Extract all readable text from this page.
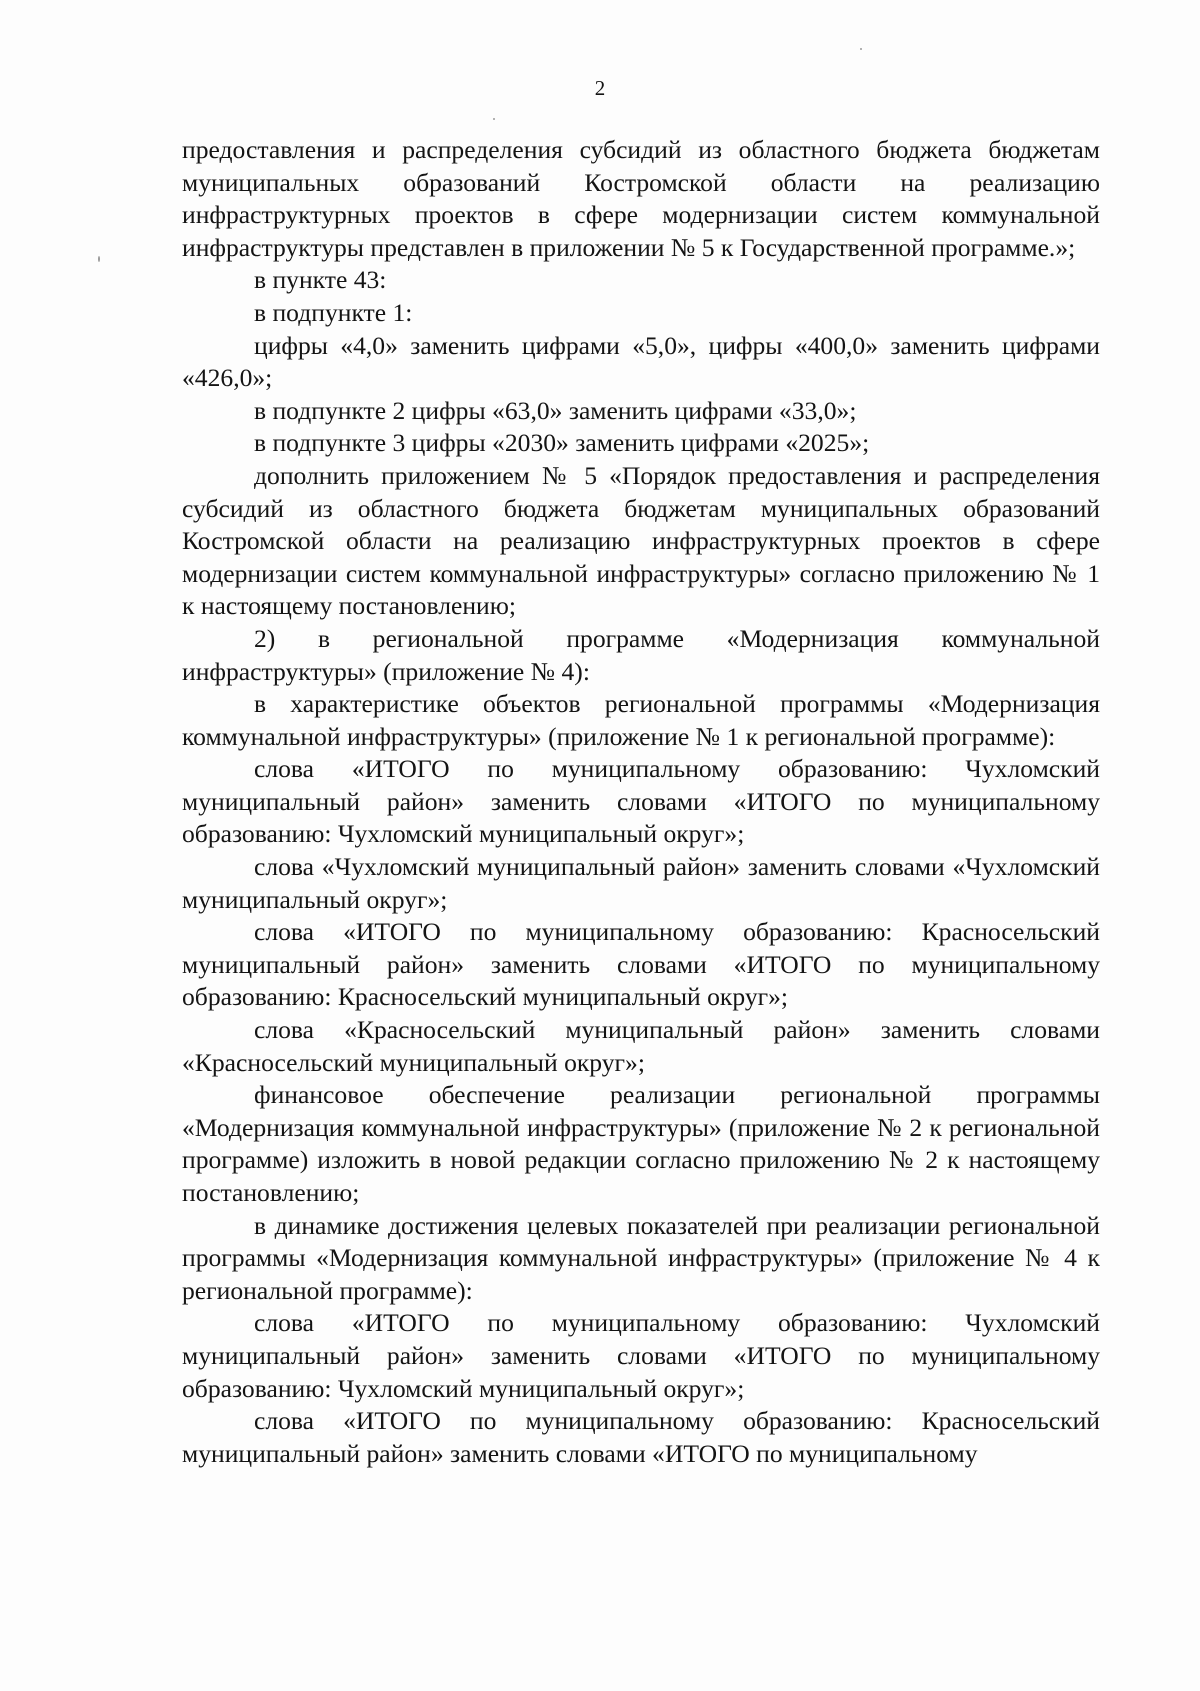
2

предоставления и распределения субсидий из областного бюджета бюджетам муниципальных образований Костромской области на реализацию инфраструктурных проектов в сфере модернизации систем коммунальной инфраструктуры представлен в приложении № 5 к Государственной программе.»;

в пункте 43:

в подпункте 1:

цифры «4,0» заменить цифрами «5,0», цифры «400,0» заменить цифрами «426,0»;

в подпункте 2 цифры «63,0» заменить цифрами «33,0»;

в подпункте 3 цифры «2030» заменить цифрами «2025»;

дополнить приложением № 5 «Порядок предоставления и распределения субсидий из областного бюджета бюджетам муниципальных образований Костромской области на реализацию инфраструктурных проектов в сфере модернизации систем коммунальной инфраструктуры» согласно приложению № 1 к настоящему постановлению;

2) в региональной программе «Модернизация коммунальной инфраструктуры» (приложение № 4):

в характеристике объектов региональной программы «Модернизация коммунальной инфраструктуры» (приложение № 1 к региональной программе):

слова «ИТОГО по муниципальному образованию: Чухломский муниципальный район» заменить словами «ИТОГО по муниципальному образованию: Чухломский муниципальный округ»;

слова «Чухломский муниципальный район» заменить словами «Чухломский муниципальный округ»;

слова «ИТОГО по муниципальному образованию: Красносельский муниципальный район» заменить словами «ИТОГО по муниципальному образованию: Красносельский муниципальный округ»;

слова «Красносельский муниципальный район» заменить словами «Красносельский муниципальный округ»;

финансовое обеспечение реализации региональной программы «Модернизация коммунальной инфраструктуры» (приложение № 2 к региональной программе) изложить в новой редакции согласно приложению № 2 к настоящему постановлению;

в динамике достижения целевых показателей при реализации региональной программы «Модернизация коммунальной инфраструктуры» (приложение № 4 к региональной программе):

слова «ИТОГО по муниципальному образованию: Чухломский муниципальный район» заменить словами «ИТОГО по муниципальному образованию: Чухломский муниципальный округ»;

слова «ИТОГО по муниципальному образованию: Красносельский муниципальный район» заменить словами «ИТОГО по муниципальному
